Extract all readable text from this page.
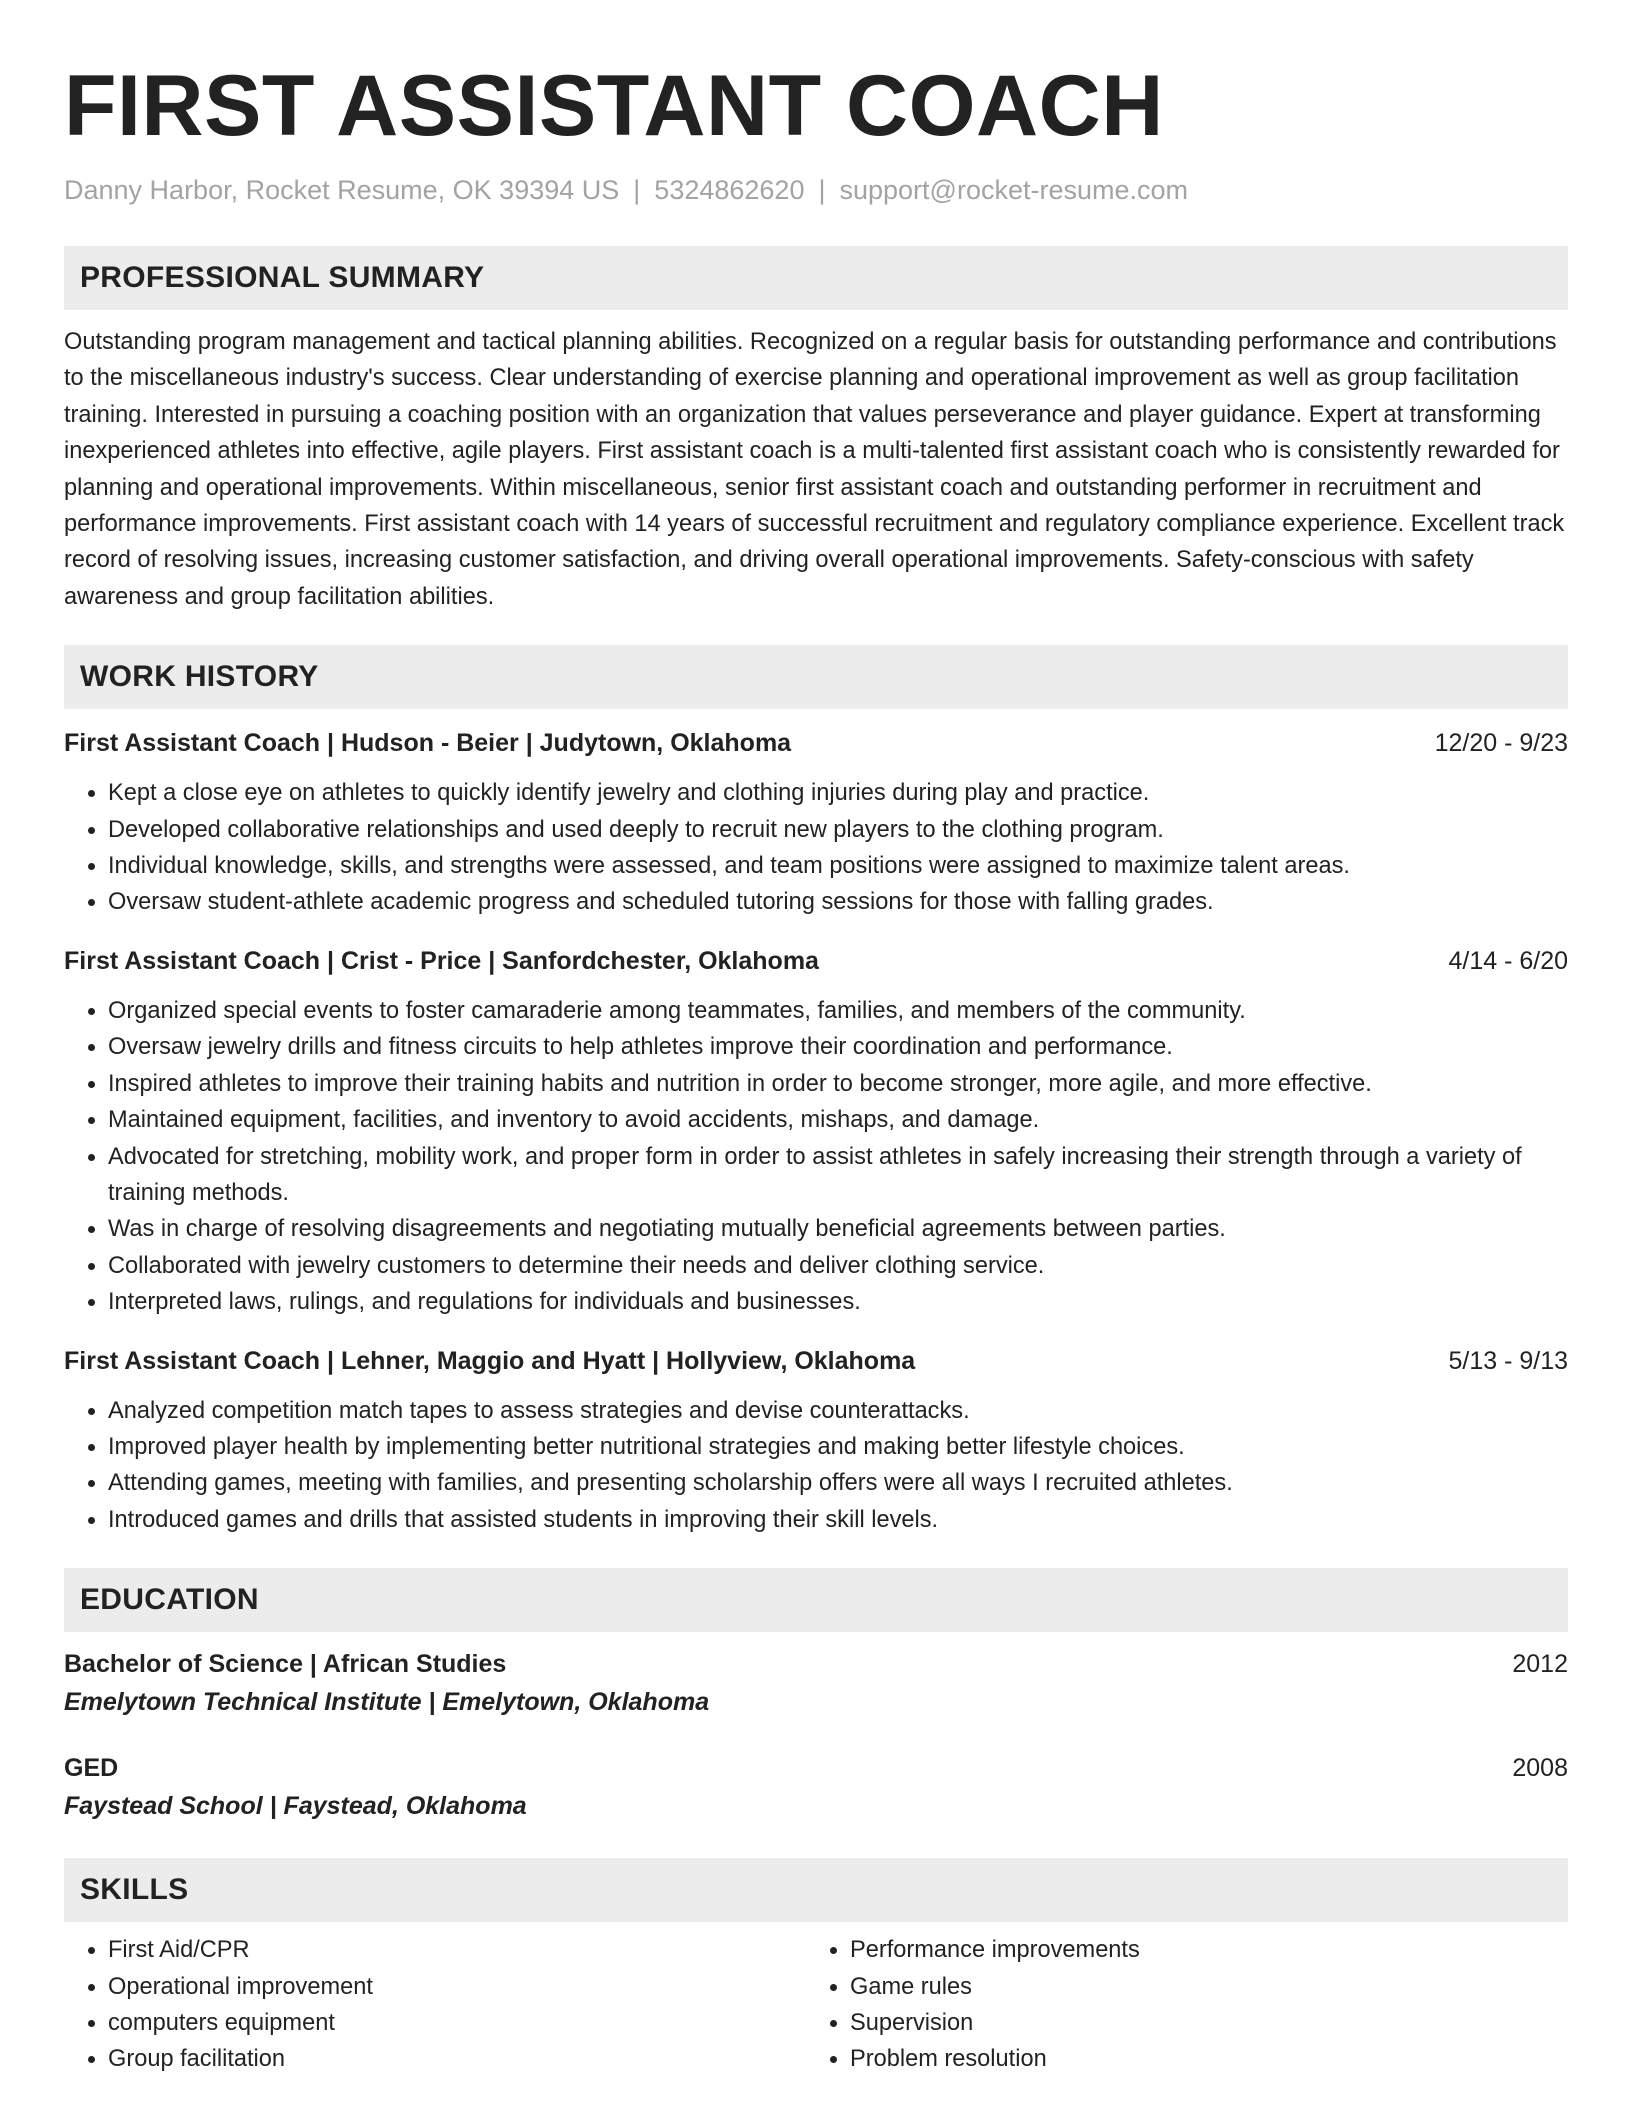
FIRST ASSISTANT COACH
Danny Harbor, Rocket Resume, OK 39394 US | 5324862620 | support@rocket-resume.com
PROFESSIONAL SUMMARY
Outstanding program management and tactical planning abilities. Recognized on a regular basis for outstanding performance and contributions to the miscellaneous industry's success. Clear understanding of exercise planning and operational improvement as well as group facilitation training. Interested in pursuing a coaching position with an organization that values perseverance and player guidance. Expert at transforming inexperienced athletes into effective, agile players. First assistant coach is a multi-talented first assistant coach who is consistently rewarded for planning and operational improvements. Within miscellaneous, senior first assistant coach and outstanding performer in recruitment and performance improvements. First assistant coach with 14 years of successful recruitment and regulatory compliance experience. Excellent track record of resolving issues, increasing customer satisfaction, and driving overall operational improvements. Safety-conscious with safety awareness and group facilitation abilities.
WORK HISTORY
First Assistant Coach | Hudson - Beier | Judytown, Oklahoma	12/20 - 9/23
• Kept a close eye on athletes to quickly identify jewelry and clothing injuries during play and practice.
• Developed collaborative relationships and used deeply to recruit new players to the clothing program.
• Individual knowledge, skills, and strengths were assessed, and team positions were assigned to maximize talent areas.
• Oversaw student-athlete academic progress and scheduled tutoring sessions for those with falling grades.
First Assistant Coach | Crist - Price | Sanfordchester, Oklahoma	4/14 - 6/20
• Organized special events to foster camaraderie among teammates, families, and members of the community.
• Oversaw jewelry drills and fitness circuits to help athletes improve their coordination and performance.
• Inspired athletes to improve their training habits and nutrition in order to become stronger, more agile, and more effective.
• Maintained equipment, facilities, and inventory to avoid accidents, mishaps, and damage.
• Advocated for stretching, mobility work, and proper form in order to assist athletes in safely increasing their strength through a variety of training methods.
• Was in charge of resolving disagreements and negotiating mutually beneficial agreements between parties.
• Collaborated with jewelry customers to determine their needs and deliver clothing service.
• Interpreted laws, rulings, and regulations for individuals and businesses.
First Assistant Coach | Lehner, Maggio and Hyatt | Hollyview, Oklahoma	5/13 - 9/13
• Analyzed competition match tapes to assess strategies and devise counterattacks.
• Improved player health by implementing better nutritional strategies and making better lifestyle choices.
• Attending games, meeting with families, and presenting scholarship offers were all ways I recruited athletes.
• Introduced games and drills that assisted students in improving their skill levels.
EDUCATION
Bachelor of Science | African Studies	2012
Emelytown Technical Institute | Emelytown, Oklahoma
GED	2008
Faystead School | Faystead, Oklahoma
SKILLS
• First Aid/CPR
• Operational improvement
• computers equipment
• Group facilitation
• Performance improvements
• Game rules
• Supervision
• Problem resolution
